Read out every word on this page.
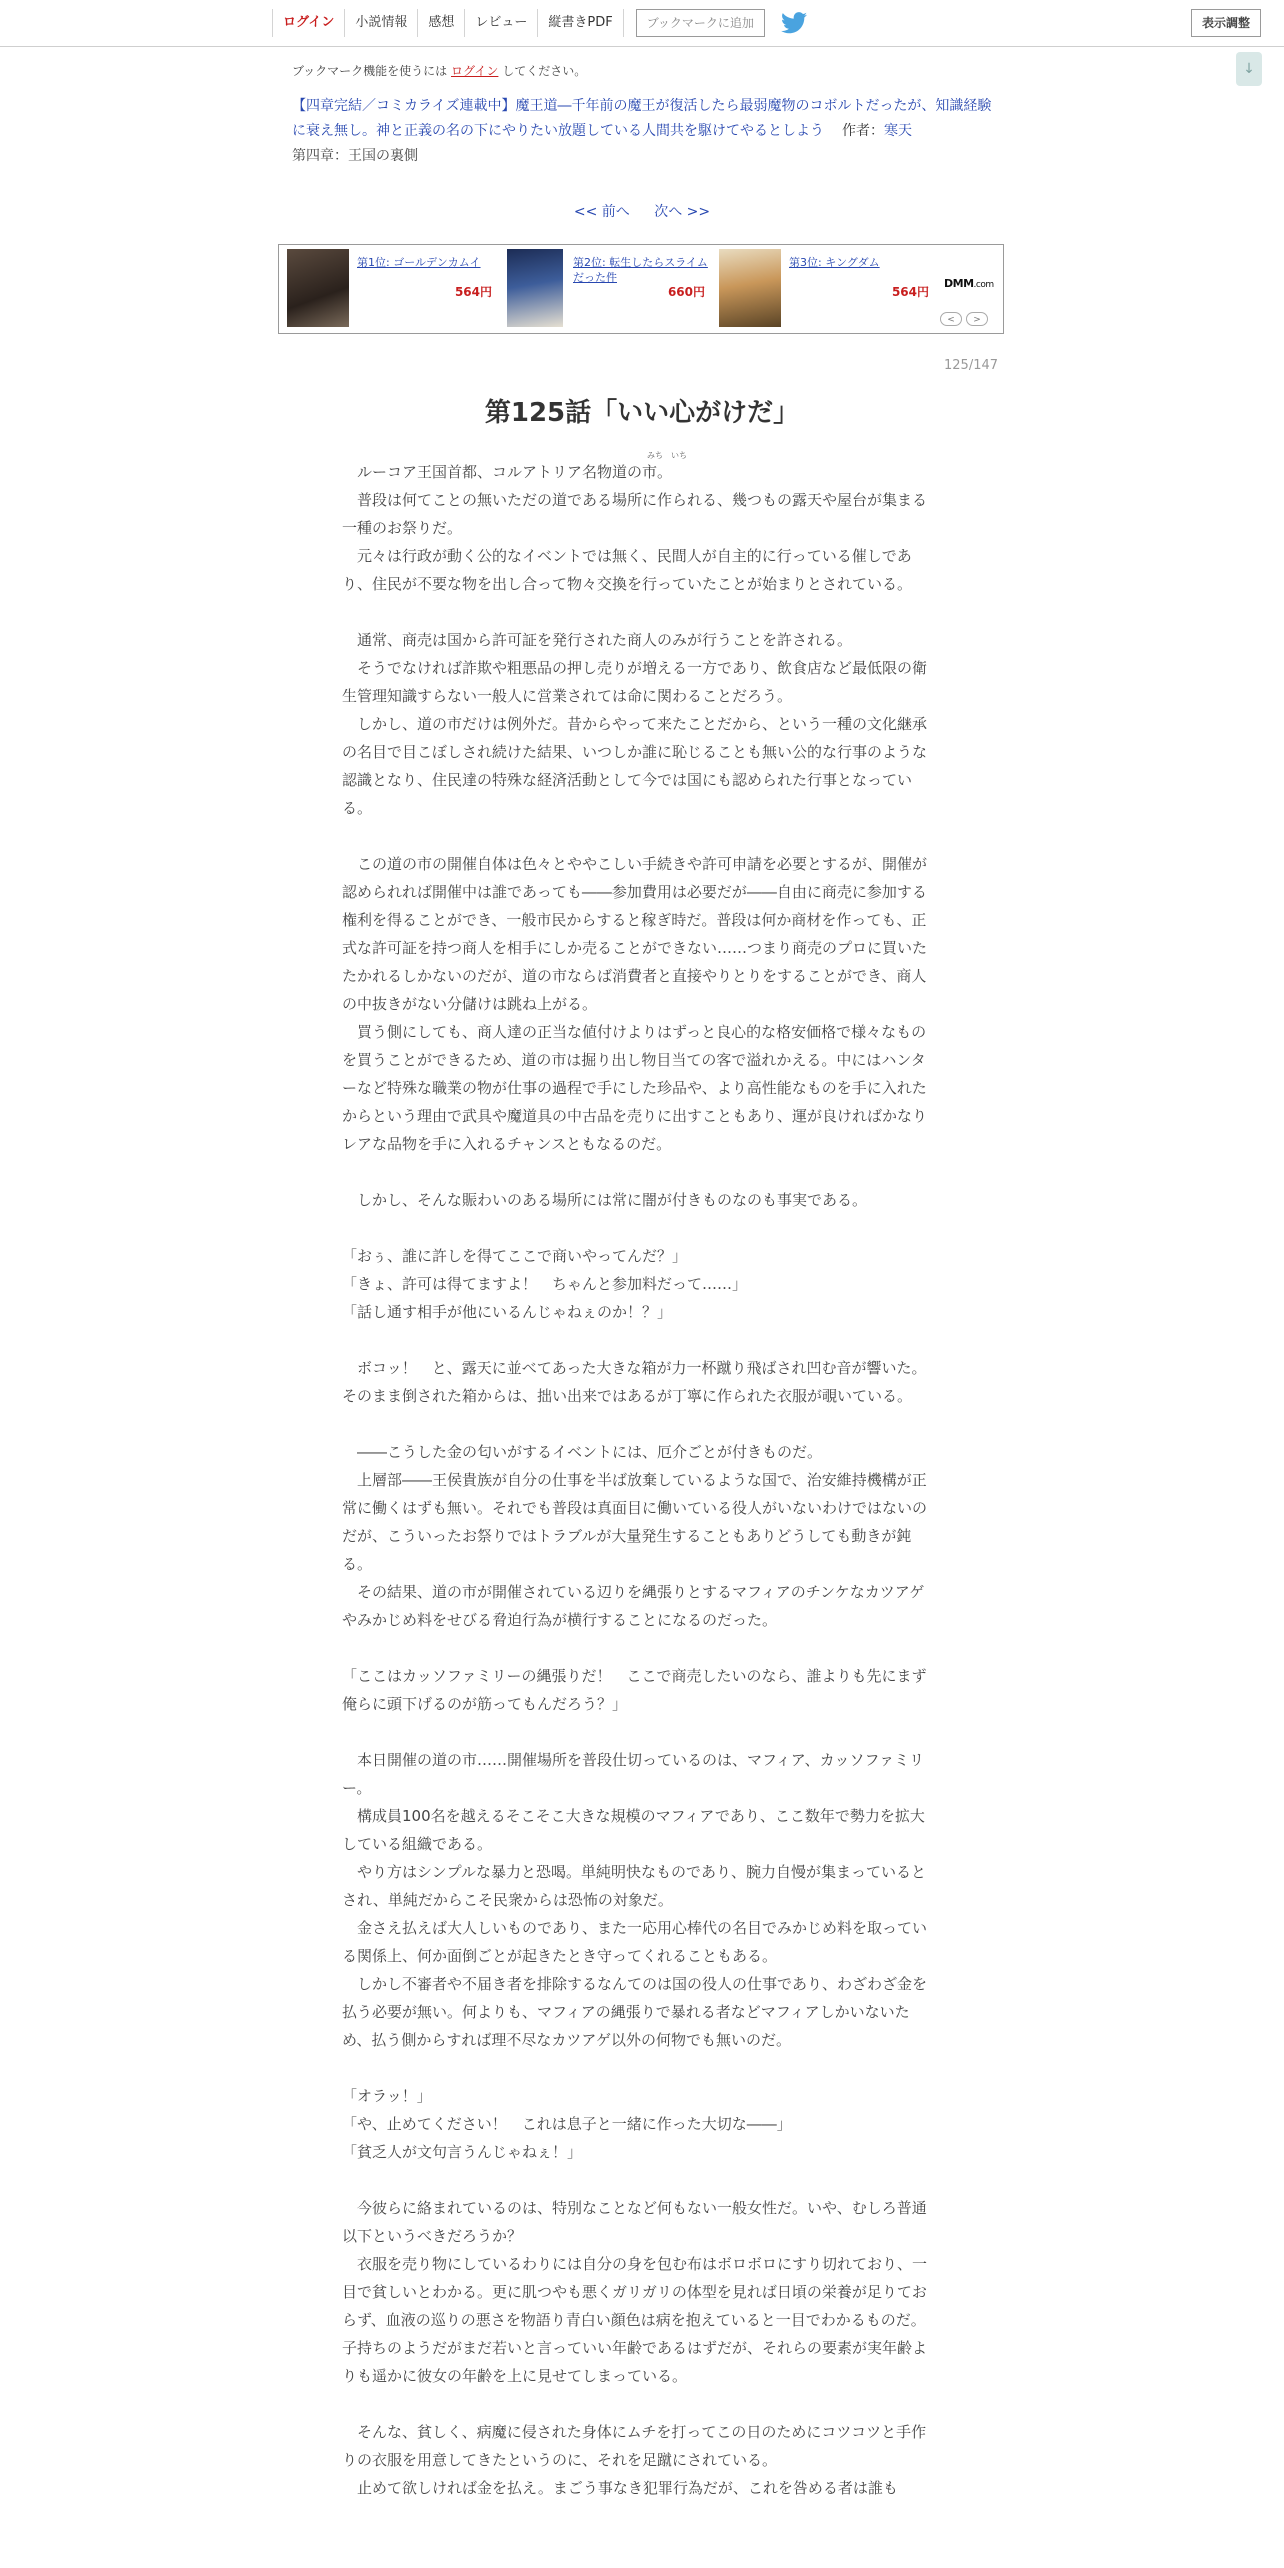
ログイン	小説情報	感想	レビュー	縦書きPDF	ブックマークに追加	表示調整
↓
ブックマーク機能を使うには ログイン してください。
【四章完結／コミカライズ連載中】魔王道―千年前の魔王が復活したら最弱魔物のコボルトだったが、知識経験に衰え無し。神と正義の名の下にやりたい放題している人間共を駆けてやるとしよう 作者：寒天
第四章：王国の裏側
<< 前へ 次へ >>
第1位: ゴールデンカムイ
564円
第2位: 転生したらスライムだった件
660円
第3位: キングダム
564円
DMM.com
<	>
125/147
第125話「いい心がけだ」

ルーコア王国首都、コルアトリア名物道の市。
みち　いち

　普段は何てことの無いただの道である場所に作られる、幾つもの露天や屋台が集まる一種のお祭りだ。

　元々は行政が動く公的なイベントでは無く、民間人が自主的に行っている催しであり、住民が不要な物を出し合って物々交換を行っていたことが始まりとされている。

　通常、商売は国から許可証を発行された商人のみが行うことを許される。

　そうでなければ詐欺や粗悪品の押し売りが増える一方であり、飲食店など最低限の衛生管理知識すらない一般人に営業されては命に関わることだろう。

　しかし、道の市だけは例外だ。昔からやって来たことだから、という一種の文化継承の名目で目こぼしされ続けた結果、いつしか誰に恥じることも無い公的な行事のような認識となり、住民達の特殊な経済活動として今では国にも認められた行事となっている。

　この道の市の開催自体は色々とややこしい手続きや許可申請を必要とするが、開催が認められれば開催中は誰であっても――参加費用は必要だが――自由に商売に参加する権利を得ることができ、一般市民からすると稼ぎ時だ。普段は何か商材を作っても、正式な許可証を持つ商人を相手にしか売ることができない……つまり商売のプロに買いたたかれるしかないのだが、道の市ならば消費者と直接やりとりをすることができ、商人の中抜きがない分儲けは跳ね上がる。

　買う側にしても、商人達の正当な値付けよりはずっと良心的な格安価格で様々なものを買うことができるため、道の市は掘り出し物目当ての客で溢れかえる。中にはハンターなど特殊な職業の物が仕事の過程で手にした珍品や、より高性能なものを手に入れたからという理由で武具や魔道具の中古品を売りに出すこともあり、運が良ければかなりレアな品物を手に入れるチャンスともなるのだ。

　しかし、そんな賑わいのある場所には常に闇が付きものなのも事実である。

「おぅ、誰に許しを得てここで商いやってんだ？」

「きょ、許可は得てますよ！　ちゃんと参加料だって……」

「話し通す相手が他にいるんじゃねぇのか！？」

　ボコッ！　と、露天に並べてあった大きな箱が力一杯蹴り飛ばされ凹む音が響いた。そのまま倒された箱からは、拙い出来ではあるが丁寧に作られた衣服が覗いている。

　――こうした金の匂いがするイベントには、厄介ごとが付きものだ。

　上層部――王侯貴族が自分の仕事を半ば放棄しているような国で、治安維持機構が正常に働くはずも無い。それでも普段は真面目に働いている役人がいないわけではないのだが、こういったお祭りではトラブルが大量発生することもありどうしても動きが鈍る。

　その結果、道の市が開催されている辺りを縄張りとするマフィアのチンケなカツアゲやみかじめ料をせびる脅迫行為が横行することになるのだった。

「ここはカッソファミリーの縄張りだ！　ここで商売したいのなら、誰よりも先にまず俺らに頭下げるのが筋ってもんだろう？」

　本日開催の道の市……開催場所を普段仕切っているのは、マフィア、カッソファミリー。

　構成員100名を越えるそこそこ大きな規模のマフィアであり、ここ数年で勢力を拡大している組織である。

　やり方はシンプルな暴力と恐喝。単純明快なものであり、腕力自慢が集まっているとされ、単純だからこそ民衆からは恐怖の対象だ。

　金さえ払えば大人しいものであり、また一応用心棒代の名目でみかじめ料を取っている関係上、何か面倒ごとが起きたとき守ってくれることもある。

　しかし不審者や不届き者を排除するなんてのは国の役人の仕事であり、わざわざ金を払う必要が無い。何よりも、マフィアの縄張りで暴れる者などマフィアしかいないため、払う側からすれば理不尽なカツアゲ以外の何物でも無いのだ。

「オラッ！」

「や、止めてください！　これは息子と一緒に作った大切な――」

「貧乏人が文句言うんじゃねぇ！」

　今彼らに絡まれているのは、特別なことなど何もない一般女性だ。いや、むしろ普通以下というべきだろうか？

　衣服を売り物にしているわりには自分の身を包む布はボロボロにすり切れており、一目で貧しいとわかる。更に肌つやも悪くガリガリの体型を見れば日頃の栄養が足りておらず、血液の巡りの悪さを物語り青白い顔色は病を抱えていると一目でわかるものだ。子持ちのようだがまだ若いと言っていい年齢であるはずだが、それらの要素が実年齢よりも遥かに彼女の年齢を上に見せてしまっている。

　そんな、貧しく、病魔に侵された身体にムチを打ってこの日のためにコツコツと手作りの衣服を用意してきたというのに、それを足蹴にされている。

　止めて欲しければ金を払え。まごう事なき犯罪行為だが、これを咎める者は誰も
